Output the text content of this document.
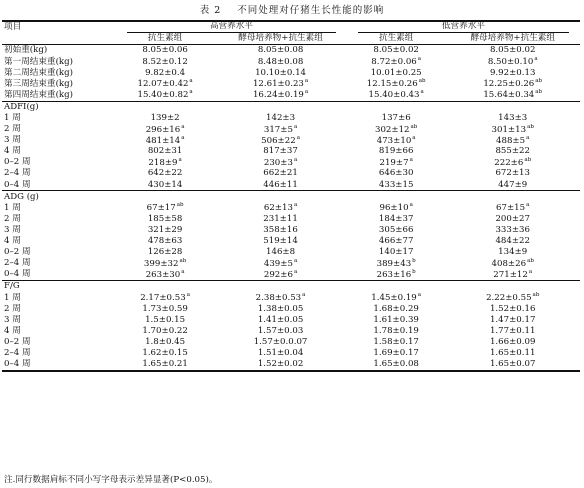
表 2 不同处理对仔猪生长性能的影响
项目	高营养水平		低营养水平	
	抗生素组	酵母培养物+抗生素组	抗生素组	酵母培养物+抗生素组
初始重(kg)	8.05±0.06	8.05±0.08	8.05±0.02	8.05±0.02
第一周结束重(kg)	8.52±0.12	8.48±0.08	8.72±0.06$^a$	8.50±0.10$^a$
第二周结束重(kg)	9.82±0.4	10.10±0.14	10.01±0.25	9.92±0.13
第三周结束重(kg)	12.07±0.42$^a$	12.61±0.23$^a$	12.15±0.26$^{ab}$	12.25±0.26$^{ab}$
第四周结束重(kg)	15.40±0.82$^a$	16.24±0.19$^a$	15.40±0.43$^a$	15.64±0.34$^{ab}$
ADFI(g)				
1 周	139±2	142±3	137±6	143±3
2 周	$296\pm 16^a$	$317\pm 5^a$	$302\pm 12^{ab}$	$301\pm 13^{ab}$
3 周	$481\pm 14^a$	$506\pm 22^a$	$473\pm 10^a$	$488\pm 5^a$
4 周	802±31	817±37	819±66	855±22
0–2 周	$218\pm 9^a$	$230\pm 3^a$	$219\pm 7^a$	$222\pm 6^{ab}$
2–4 周	642±22	662±21	646±30	672±13
0–4 周	430±14	446±11	433±15	447±9
ADG (g)				
1 周	$67\pm 17^{ab}$	$62\pm 13^a$	$96\pm 10^a$	$67\pm 15^a$
2 周	185±58	231±11	184±37	200±27
3 周	321±29	358±16	305±66	333±36
4 周	478±63	519±14	466±77	484±22
0–2 周	126±28	146±8	140±17	134±9
2–4 周	$399\pm 32^{ab}$	$439\pm 5^a$	$389\pm 43^b$	$408\pm 26^{ab}$
0–4 周	$263\pm 30^a$	$292\pm 6^a$	$263\pm 16^b$	$271\pm 12^a$
F/G				
1 周	2.17±0.53$^a$	2.38±0.53$^a$	1.45±0.19$^a$	2.22±0.55$^{ab}$
2 周	1.73±0.59	1.38±0.05	1.68±0.29	1.52±0.16
3 周	1.5±0.15	1.41±0.05	1.61±0.39	1.47±0.17
4 周	1.70±0.22	1.57±0.03	1.78±0.19	1.77±0.11
0–2 周	1.8±0.45	1.57±0.0.07	1.58±0.17	1.66±0.09
2–4 周	1.62±0.15	1.51±0.04	1.69±0.17	1.65±0.11
0–4 周	1.65±0.21	1.52±0.02	1.65±0.08	1.65±0.07
注.同行数据肩标不同小写字母表示差异显著(P<0.05)。
